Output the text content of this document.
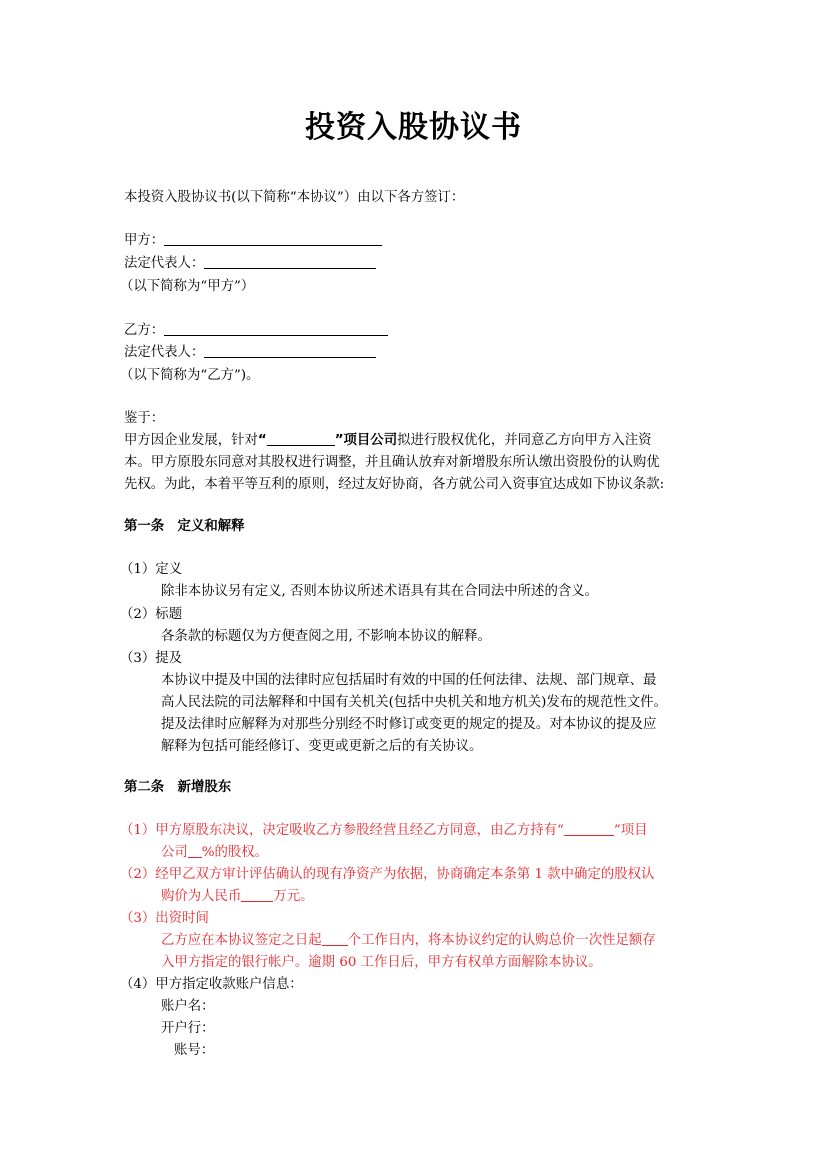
投资入股协议书
本投资入股协议书(以下简称“本协议”）由以下各方签订：
甲方：
法定代表人：
（以下简称为“甲方”）
乙方：
法定代表人：
（以下简称为“乙方”)。
鉴于：
甲方因企业发展，针对“	”项目公司拟进行股权优化，并同意乙方向甲方入注资
本。甲方原股东同意对其股权进行调整，并且确认放弃对新增股东所认缴出资股份的认购优
先权。为此，本着平等互利的原则，经过友好协商，各方就公司入资事宜达成如下协议条款:
第一条　定义和解释
（1）定义
除非本协议另有定义, 否则本协议所述术语具有其在合同法中所述的含义。
（2）标题
各条款的标题仅为方便查阅之用, 不影响本协议的解释。
（3）提及
本协议中提及中国的法律时应包括届时有效的中国的任何法律、法规、部门规章、最
高人民法院的司法解释和中国有关机关(包括中央机关和地方机关)发布的规范性文件。
提及法律时应解释为对那些分别经不时修订或变更的规定的提及。对本协议的提及应
解释为包括可能经修订、变更或更新之后的有关协议。
第二条　新增股东
（1）甲方原股东决议，决定吸收乙方参股经营且经乙方同意，由乙方持有“	”项目
公司 %的股权。
（2）经甲乙双方审计评估确认的现有净资产为依据，协商确定本条第 1 款中确定的股权认
购价为人民币 万元。
（3）出资时间
乙方应在本协议签定之日起 个工作日内，将本协议约定的认购总价一次性足额存
入甲方指定的银行帐户。逾期 60 工作日后，甲方有权单方面解除本协议。
（4）甲方指定收款账户信息：
账户名：
开户行：
账号：
